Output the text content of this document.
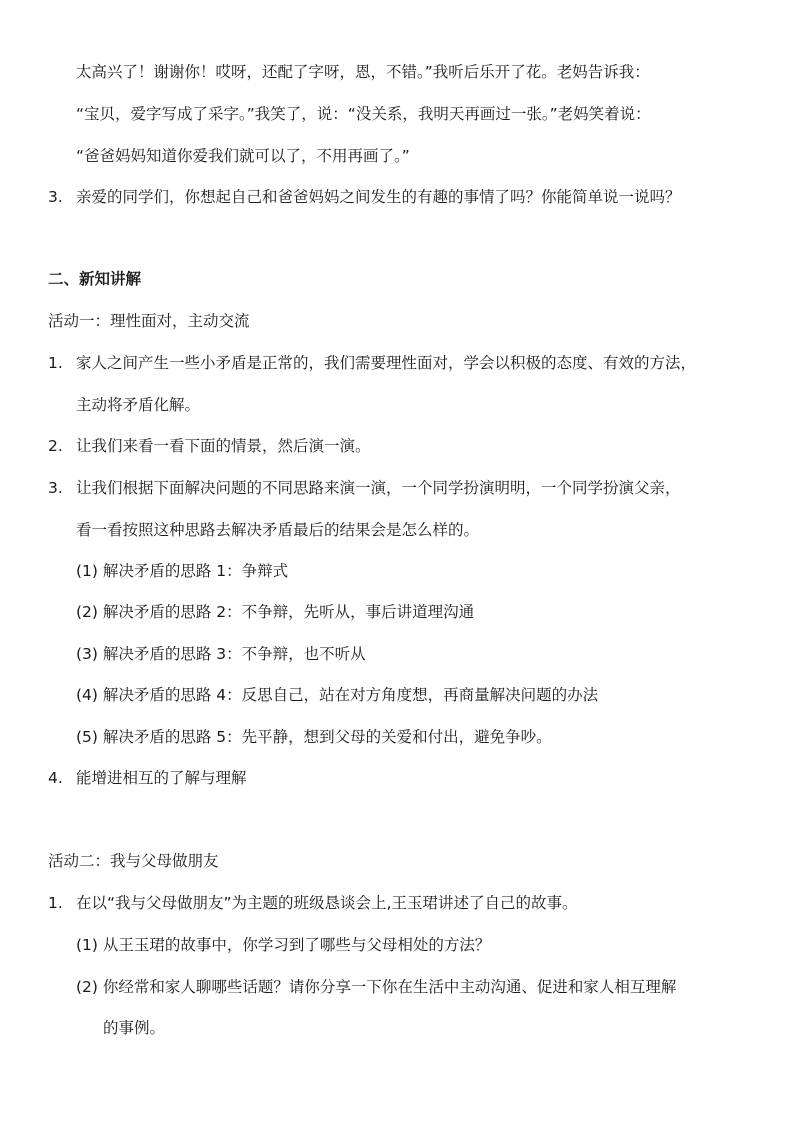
太高兴了！谢谢你！哎呀，还配了字呀，恩，不错。”我听后乐开了花。老妈告诉我：
“宝贝，爱字写成了采字。”我笑了，说：“没关系，我明天再画过一张。”老妈笑着说：
“爸爸妈妈知道你爱我们就可以了，不用再画了。”
3. 亲爱的同学们，你想起自己和爸爸妈妈之间发生的有趣的事情了吗？你能简单说一说吗？
二、新知讲解
活动一：理性面对，主动交流
1. 家人之间产生一些小矛盾是正常的，我们需要理性面对，学会以积极的态度、有效的方法，
主动将矛盾化解。
2. 让我们来看一看下面的情景，然后演一演。
3. 让我们根据下面解决问题的不同思路来演一演，一个同学扮演明明，一个同学扮演父亲，
看一看按照这种思路去解决矛盾最后的结果会是怎么样的。
(1) 解决矛盾的思路 1：争辩式
(2) 解决矛盾的思路 2：不争辩，先听从，事后讲道理沟通
(3) 解决矛盾的思路 3：不争辩，也不听从
(4) 解决矛盾的思路 4：反思自己，站在对方角度想，再商量解决问题的办法
(5) 解决矛盾的思路 5：先平静，想到父母的关爱和付出，避免争吵。
4. 能增进相互的了解与理解
活动二：我与父母做朋友
1. 在以“我与父母做朋友”为主题的班级恳谈会上,王玉珺讲述了自己的故事。
(1) 从王玉珺的故事中，你学习到了哪些与父母相处的方法？
(2) 你经常和家人聊哪些话题？请你分享一下你在生活中主动沟通、促进和家人相互理解
的事例。
